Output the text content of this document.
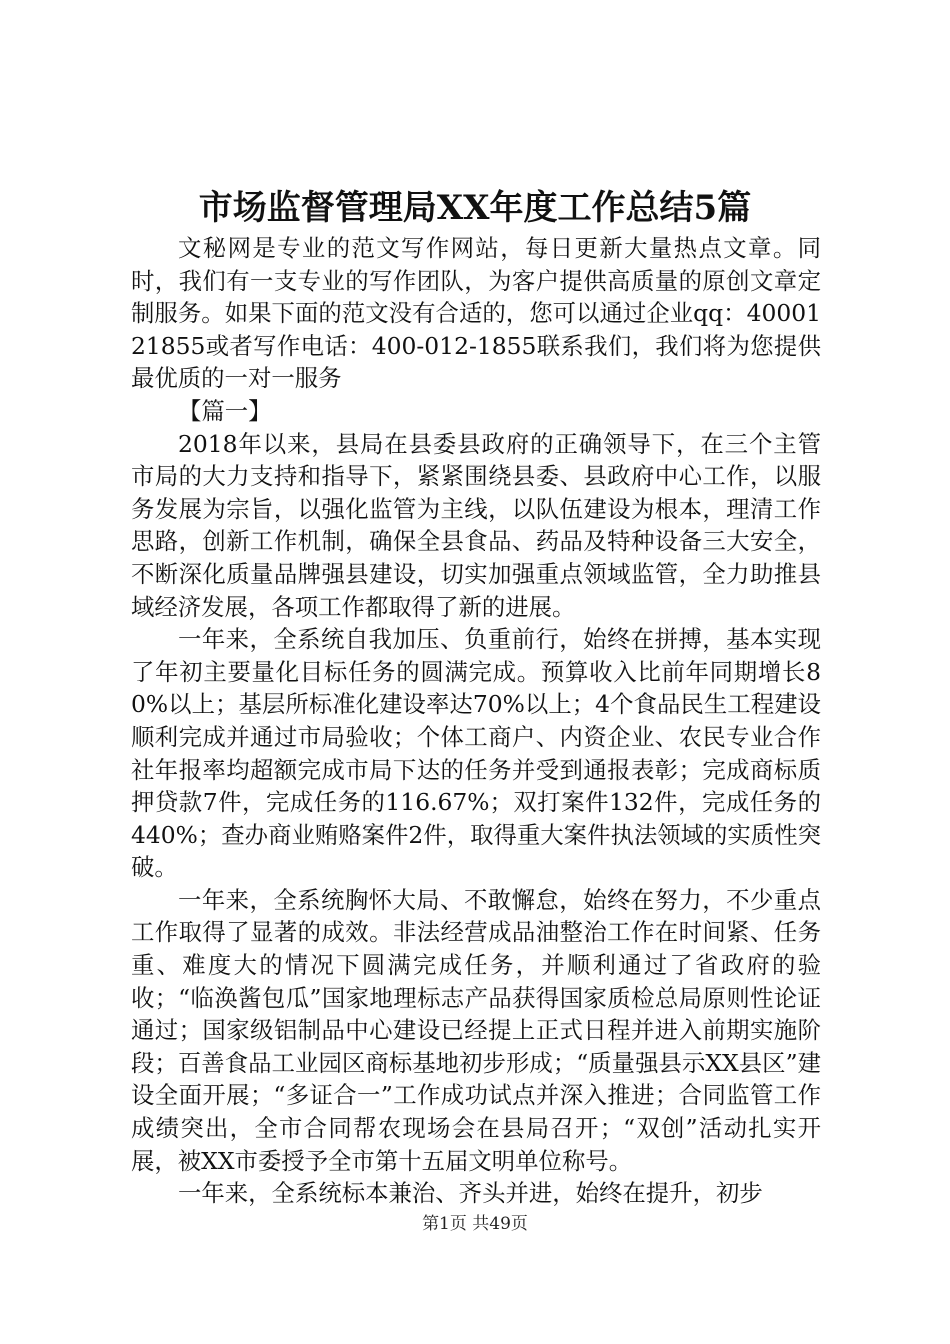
市场监督管理局XX年度工作总结5篇

文秘网是专业的范文写作网站，每日更新大量热点文章。同时，我们有一支专业的写作团队，为客户提供高质量的原创文章定制服务。如果下面的范文没有合适的，您可以通过企业qq：4000121855或者写作电话：400-012-1855联系我们，我们将为您提供最优质的一对一服务

【篇一】

2018年以来，县局在县委县政府的正确领导下，在三个主管市局的大力支持和指导下，紧紧围绕县委、县政府中心工作，以服务发展为宗旨，以强化监管为主线，以队伍建设为根本，理清工作思路，创新工作机制，确保全县食品、药品及特种设备三大安全，不断深化质量品牌强县建设，切实加强重点领域监管，全力助推县域经济发展，各项工作都取得了新的进展。

一年来，全系统自我加压、负重前行，始终在拼搏，基本实现了年初主要量化目标任务的圆满完成。预算收入比前年同期增长80%以上；基层所标准化建设率达70%以上；4个食品民生工程建设顺利完成并通过市局验收；个体工商户、内资企业、农民专业合作社年报率均超额完成市局下达的任务并受到通报表彰；完成商标质押贷款7件，完成任务的116.67%；双打案件132件，完成任务的440%；查办商业贿赂案件2件，取得重大案件执法领域的实质性突破。

一年来，全系统胸怀大局、不敢懈怠，始终在努力，不少重点工作取得了显著的成效。非法经营成品油整治工作在时间紧、任务重、难度大的情况下圆满完成任务，并顺利通过了省政府的验收；“临涣酱包瓜”国家地理标志产品获得国家质检总局原则性论证通过；国家级铝制品中心建设已经提上正式日程并进入前期实施阶段；百善食品工业园区商标基地初步形成；“质量强县示XX县区”建设全面开展；“多证合一”工作成功试点并深入推进；合同监管工作成绩突出，全市合同帮农现场会在县局召开；“双创”活动扎实开展，被XX市委授予全市第十五届文明单位称号。

一年来，全系统标本兼治、齐头并进，始终在提升，初步

第1页 共49页
